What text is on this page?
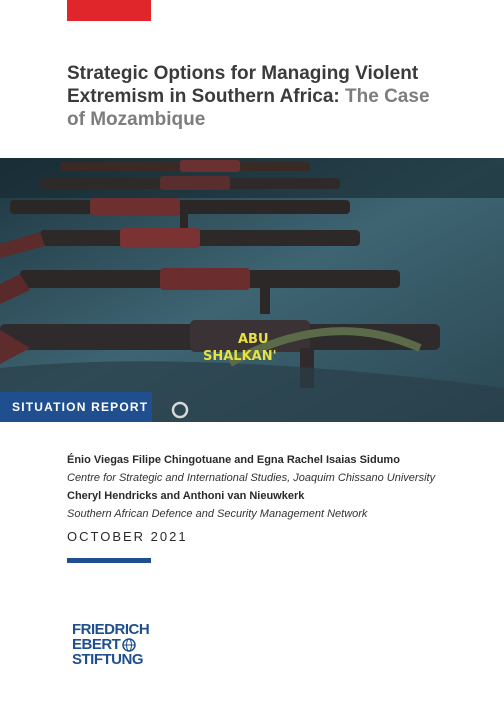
Strategic Options for Managing Violent Extremism in Southern Africa: The Case of Mozambique
ABU
SHALKAN'
SITUATION REPORT
Énio Viegas Filipe Chingotuane and Egna Rachel Isaias Sidumo
Centre for Strategic and International Studies, Joaquim Chissano University
Cheryl Hendricks and Anthoni van Nieuwkerk
Southern African Defence and Security Management Network
OCTOBER 2021
FRIEDRICH
EBERT
STIFTUNG
